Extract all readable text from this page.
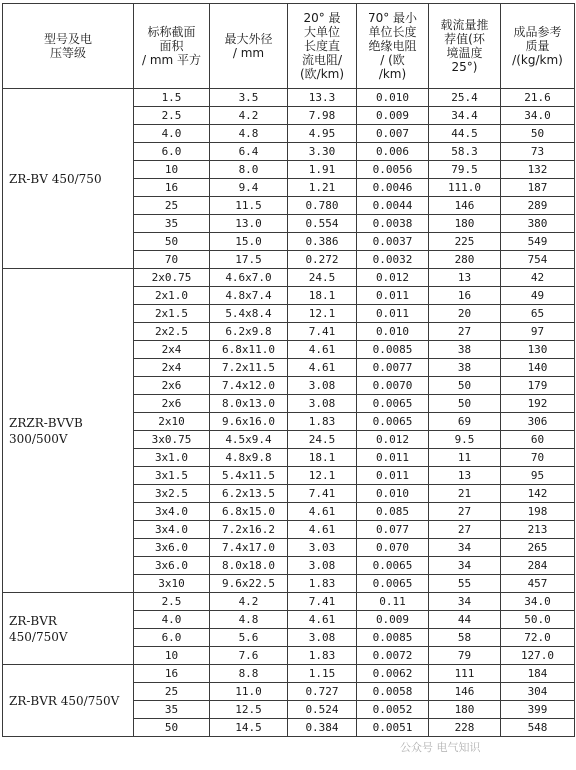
型号及电
压等级	标称截面
面积
/ mm 平方	最大外径
/ mm	20° 最
大单位
长度直
流电阻/
(欧/km)	70° 最小
单位长度
绝缘电阻
/ (欧
/km)	载流量推
荐值(环
境温度
25°)	成品参考
质量
/(kg/km)

ZR-BV 450/750	1.5	3.5	13.3	0.010	25.4	21.6
	2.5	4.2	7.98	0.009	34.4	34.0
	4.0	4.8	4.95	0.007	44.5	50
	6.0	6.4	3.30	0.006	58.3	73
	10	8.0	1.91	0.0056	79.5	132
	16	9.4	1.21	0.0046	111.0	187
	25	11.5	0.780	0.0044	146	289
	35	13.0	0.554	0.0038	180	380
	50	15.0	0.386	0.0037	225	549
	70	17.5	0.272	0.0032	280	754

ZRZR-BVVB
300/500V	2x0.75	4.6x7.0	24.5	0.012	13	42
	2x1.0	4.8x7.4	18.1	0.011	16	49
	2x1.5	5.4x8.4	12.1	0.011	20	65
	2x2.5	6.2x9.8	7.41	0.010	27	97
	2x4	6.8x11.0	4.61	0.0085	38	130
	2x4	7.2x11.5	4.61	0.0077	38	140
	2x6	7.4x12.0	3.08	0.0070	50	179
	2x6	8.0x13.0	3.08	0.0065	50	192
	2x10	9.6x16.0	1.83	0.0065	69	306
	3x0.75	4.5x9.4	24.5	0.012	9.5	60
	3x1.0	4.8x9.8	18.1	0.011	11	70
	3x1.5	5.4x11.5	12.1	0.011	13	95
	3x2.5	6.2x13.5	7.41	0.010	21	142
	3x4.0	6.8x15.0	4.61	0.085	27	198
	3x4.0	7.2x16.2	4.61	0.077	27	213
	3x6.0	7.4x17.0	3.03	0.070	34	265
	3x6.0	8.0x18.0	3.08	0.0065	34	284
	3x10	9.6x22.5	1.83	0.0065	55	457

ZR-BVR
450/750V	2.5	4.2	7.41	0.11	34	34.0
	4.0	4.8	4.61	0.009	44	50.0
	6.0	5.6	3.08	0.0085	58	72.0
	10	7.6	1.83	0.0072	79	127.0

ZR-BVR 450/750V	16	8.8	1.15	0.0062	111	184
	25	11.0	0.727	0.0058	146	304
	35	12.5	0.524	0.0052	180	399
	50	14.5	0.384	0.0051	228	548
公众号 电气知识
